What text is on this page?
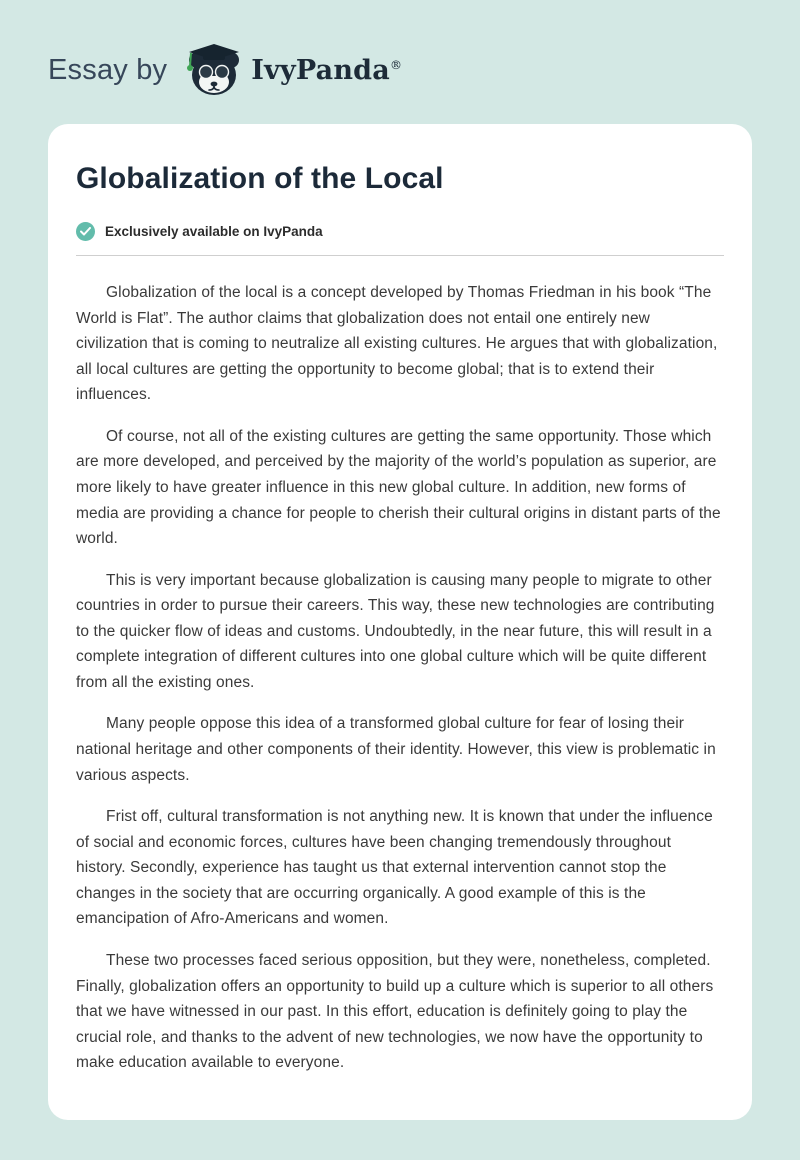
Essay by	IvyPanda®
Globalization of the Local
Exclusively available on IvyPanda

Globalization of the local is a concept developed by Thomas Friedman in his book “The World is Flat”. The author claims that globalization does not entail one entirely new civilization that is coming to neutralize all existing cultures. He argues that with globalization, all local cultures are getting the opportunity to become global; that is to extend their influences.

Of course, not all of the existing cultures are getting the same opportunity. Those which are more developed, and perceived by the majority of the world’s population as superior, are more likely to have greater influence in this new global culture. In addition, new forms of media are providing a chance for people to cherish their cultural origins in distant parts of the world.

This is very important because globalization is causing many people to migrate to other countries in order to pursue their careers. This way, these new technologies are contributing to the quicker flow of ideas and customs. Undoubtedly, in the near future, this will result in a complete integration of different cultures into one global culture which will be quite different from all the existing ones.

Many people oppose this idea of a transformed global culture for fear of losing their national heritage and other components of their identity. However, this view is problematic in various aspects.

Frist off, cultural transformation is not anything new. It is known that under the influence of social and economic forces, cultures have been changing tremendously throughout history. Secondly, experience has taught us that external intervention cannot stop the changes in the society that are occurring organically. A good example of this is the emancipation of Afro-Americans and women.

These two processes faced serious opposition, but they were, nonetheless, completed. Finally, globalization offers an opportunity to build up a culture which is superior to all others that we have witnessed in our past. In this effort, education is definitely going to play the crucial role, and thanks to the advent of new technologies, we now have the opportunity to make education available to everyone.
